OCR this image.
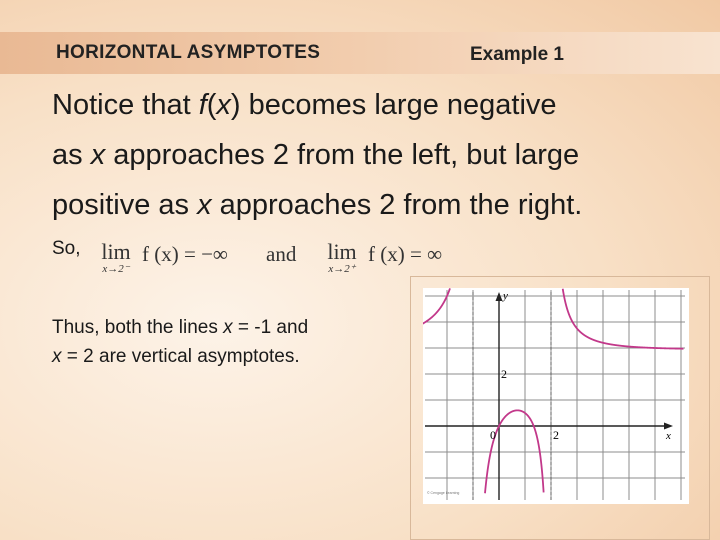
HORIZONTAL ASYMPTOTES	Example 1
Notice that f(x) becomes large negative
as x approaches 2 from the left, but large
positive as x approaches 2 from the right.
So, lim
x→2⁻
f (x) = −∞ and lim
x→2⁺
f (x) = ∞
Thus, both the lines x = -1 and
x = 2 are vertical asymptotes.
y
x
2
2
0
© Cengage Learning
